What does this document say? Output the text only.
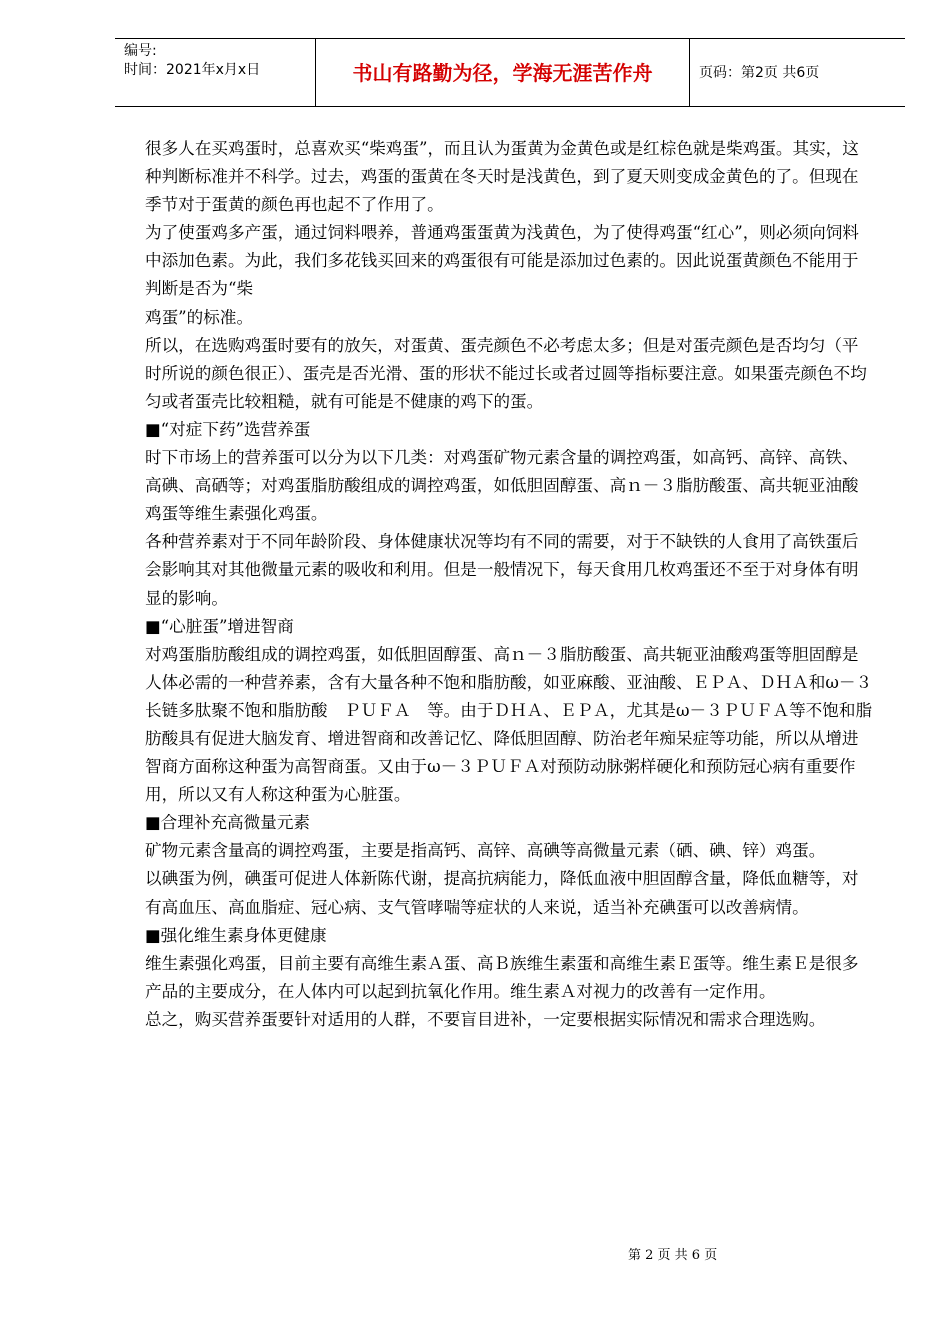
编号:
时间：2021年x月x日	书山有路勤为径，学海无涯苦作舟	页码：第2页 共6页

很多人在买鸡蛋时，总喜欢买“柴鸡蛋”，而且认为蛋黄为金黄色或是红棕色就是柴鸡蛋。其实，这种判断标准并不科学。过去，鸡蛋的蛋黄在冬天时是浅黄色，到了夏天则变成金黄色的了。但现在季节对于蛋黄的颜色再也起不了作用了。

为了使蛋鸡多产蛋，通过饲料喂养，普通鸡蛋蛋黄为浅黄色，为了使得鸡蛋“红心”，则必须向饲料中添加色素。为此，我们多花钱买回来的鸡蛋很有可能是添加过色素的。因此说蛋黄颜色不能用于判断是否为“柴

鸡蛋”的标准。

所以，在选购鸡蛋时要有的放矢，对蛋黄、蛋壳颜色不必考虑太多；但是对蛋壳颜色是否均匀（平时所说的颜色很正）、蛋壳是否光滑、蛋的形状不能过长或者过圆等指标要注意。如果蛋壳颜色不均匀或者蛋壳比较粗糙，就有可能是不健康的鸡下的蛋。

■“对症下药”选营养蛋

时下市场上的营养蛋可以分为以下几类：对鸡蛋矿物元素含量的调控鸡蛋，如高钙、高锌、高铁、高碘、高硒等；对鸡蛋脂肪酸组成的调控鸡蛋，如低胆固醇蛋、高ｎ－３脂肪酸蛋、高共轭亚油酸鸡蛋等维生素强化鸡蛋。

各种营养素对于不同年龄阶段、身体健康状况等均有不同的需要，对于不缺铁的人食用了高铁蛋后会影响其对其他微量元素的吸收和利用。但是一般情况下，每天食用几枚鸡蛋还不至于对身体有明显的影响。

■“心脏蛋”增进智商

对鸡蛋脂肪酸组成的调控鸡蛋，如低胆固醇蛋、高ｎ－３脂肪酸蛋、高共轭亚油酸鸡蛋等胆固醇是人体必需的一种营养素，含有大量各种不饱和脂肪酸，如亚麻酸、亚油酸、ＥＰＡ、ＤＨＡ和ω－３长链多肽聚不饱和脂肪酸　ＰＵＦＡ　等。由于ＤＨＡ、ＥＰＡ，尤其是ω－３ＰＵＦＡ等不饱和脂肪酸具有促进大脑发育、增进智商和改善记忆、降低胆固醇、防治老年痴呆症等功能，所以从增进智商方面称这种蛋为高智商蛋。又由于ω－３ＰＵＦＡ对预防动脉粥样硬化和预防冠心病有重要作用，所以又有人称这种蛋为心脏蛋。

■合理补充高微量元素

矿物元素含量高的调控鸡蛋，主要是指高钙、高锌、高碘等高微量元素（硒、碘、锌）鸡蛋。

以碘蛋为例，碘蛋可促进人体新陈代谢，提高抗病能力，降低血液中胆固醇含量，降低血糖等，对有高血压、高血脂症、冠心病、支气管哮喘等症状的人来说，适当补充碘蛋可以改善病情。

■强化维生素身体更健康

维生素强化鸡蛋，目前主要有高维生素Ａ蛋、高Ｂ族维生素蛋和高维生素Ｅ蛋等。维生素Ｅ是很多产品的主要成分，在人体内可以起到抗氧化作用。维生素Ａ对视力的改善有一定作用。

总之，购买营养蛋要针对适用的人群，不要盲目进补，一定要根据实际情况和需求合理选购。

第 2 页 共 6 页
